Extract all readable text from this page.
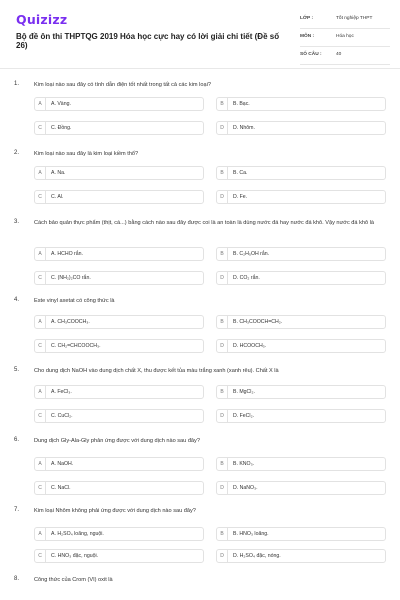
Quizizz
Bộ đề ôn thi THPTQG 2019 Hóa học cực hay có lời giải chi tiết (Đề số 26)
LỚP :	Tốt nghiệp THPT
MÔN :	Hóa học
SỐ CÂU :	40
1.	Kim loại nào sau đây có tính dẫn điện tốt nhất trong tất cả các kim loại?
A	A. Vàng.	B	B. Bạc.
C	C. Đồng.	D	D. Nhôm.
2.	Kim loại nào sau đây là kim loại kiềm thổ?
A	A. Na.	B	B. Ca.
C	C. Al.	D	D. Fe.
3.	Cách bảo quản thực phẩm (thịt, cá...) bằng cách nào sau đây được coi là an toàn là dùng nước đá hay nước đá khô. Vậy nước đá khô là
A	A. HCHO rắn.	B	B. C₂H₅OH rắn.
C	C. (NH₂)₂CO rắn.	D	D. CO₂ rắn.
4.	Este vinyl axetat có công thức là
A	A. CH₃COOCH₃.	B	B. CH₃COOCH=CH₂.
C	C. CH₂=CHCOOCH₃.	D	D. HCOOCH₃.
5.	Cho dung dịch NaOH vào dung dịch chất X, thu được kết tủa màu trắng xanh (xanh rêu). Chất X là
A	A. FeCl₃.	B	B. MgCl₂.
C	C. CuCl₂.	D	D. FeCl₂.
6.	Dung dịch Gly-Ala-Gly phản ứng được với dung dịch nào sau đây?
A	A. NaOH.	B	B. KNO₃.
C	C. NaCl.	D	D. NaNO₃.
7.	Kim loại Nhôm không phải ứng được với dung dịch nào sau đây?
A	A. H₂SO₄ loãng, nguội.	B	B. HNO₃ loãng.
C	C. HNO₃ đặc, nguội.	D	D. H₂SO₄ đặc, nóng.
8.	Công thức của Crom (VI) oxit là
